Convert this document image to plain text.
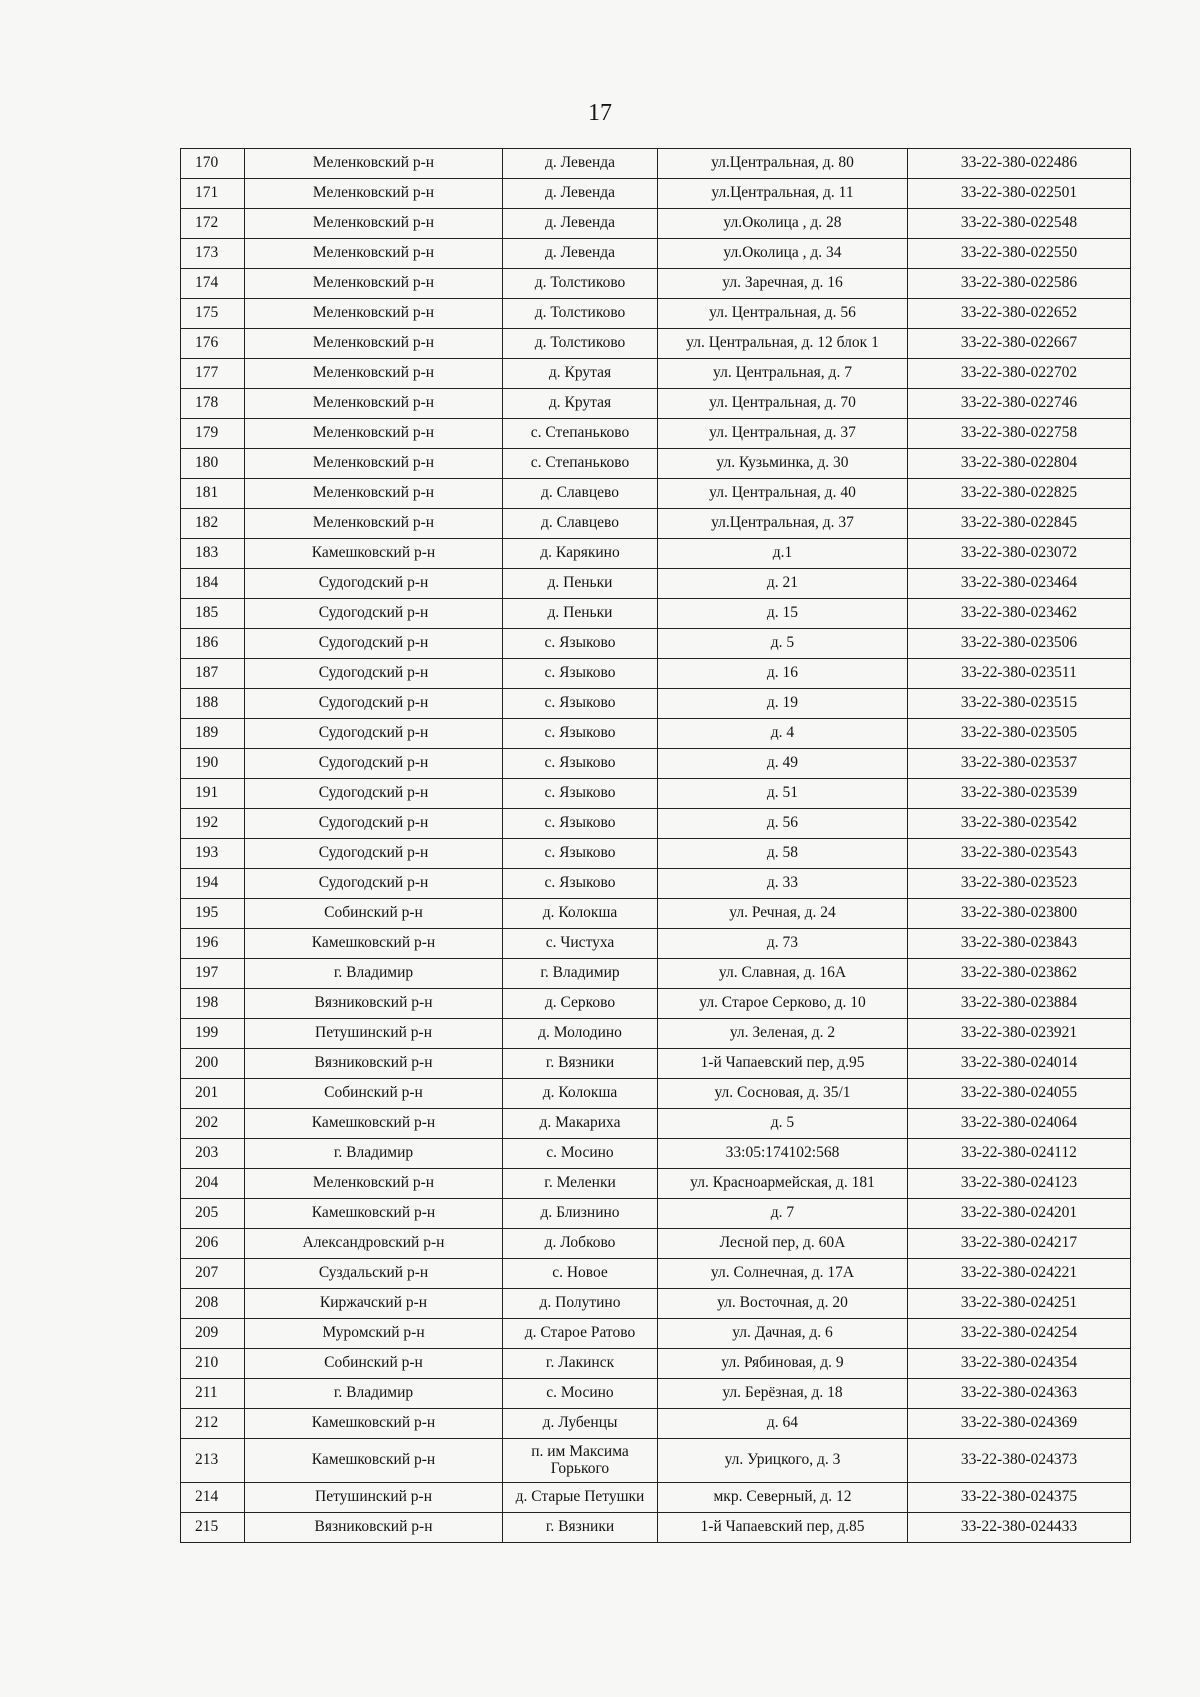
17
170	Меленковский р-н	д. Левенда	ул.Центральная, д. 80	33-22-380-022486
171	Меленковский р-н	д. Левенда	ул.Центральная, д. 11	33-22-380-022501
172	Меленковский р-н	д. Левенда	ул.Околица , д. 28	33-22-380-022548
173	Меленковский р-н	д. Левенда	ул.Околица , д. 34	33-22-380-022550
174	Меленковский р-н	д. Толстиково	ул. Заречная, д. 16	33-22-380-022586
175	Меленковский р-н	д. Толстиково	ул. Центральная, д. 56	33-22-380-022652
176	Меленковский р-н	д. Толстиково	ул. Центральная, д. 12 блок 1	33-22-380-022667
177	Меленковский р-н	д. Крутая	ул. Центральная, д. 7	33-22-380-022702
178	Меленковский р-н	д. Крутая	ул. Центральная, д. 70	33-22-380-022746
179	Меленковский р-н	с. Степаньково	ул. Центральная, д. 37	33-22-380-022758
180	Меленковский р-н	с. Степаньково	ул. Кузьминка, д. 30	33-22-380-022804
181	Меленковский р-н	д. Славцево	ул. Центральная, д. 40	33-22-380-022825
182	Меленковский р-н	д. Славцево	ул.Центральная, д. 37	33-22-380-022845
183	Камешковский р-н	д. Карякино	д.1	33-22-380-023072
184	Судогодский р-н	д. Пеньки	д. 21	33-22-380-023464
185	Судогодский р-н	д. Пеньки	д. 15	33-22-380-023462
186	Судогодский р-н	с. Языково	д. 5	33-22-380-023506
187	Судогодский р-н	с. Языково	д. 16	33-22-380-023511
188	Судогодский р-н	с. Языково	д. 19	33-22-380-023515
189	Судогодский р-н	с. Языково	д. 4	33-22-380-023505
190	Судогодский р-н	с. Языково	д. 49	33-22-380-023537
191	Судогодский р-н	с. Языково	д. 51	33-22-380-023539
192	Судогодский р-н	с. Языково	д. 56	33-22-380-023542
193	Судогодский р-н	с. Языково	д. 58	33-22-380-023543
194	Судогодский р-н	с. Языково	д. 33	33-22-380-023523
195	Собинский р-н	д. Колокша	ул. Речная, д. 24	33-22-380-023800
196	Камешковский р-н	с. Чистуха	д. 73	33-22-380-023843
197	г. Владимир	г. Владимир	ул. Славная, д. 16А	33-22-380-023862
198	Вязниковский р-н	д. Серково	ул. Старое Серково, д. 10	33-22-380-023884
199	Петушинский р-н	д. Молодино	ул. Зеленая, д. 2	33-22-380-023921
200	Вязниковский р-н	г. Вязники	1-й Чапаевский пер, д.95	33-22-380-024014
201	Собинский р-н	д. Колокша	ул. Сосновая, д. 35/1	33-22-380-024055
202	Камешковский р-н	д. Макариха	д. 5	33-22-380-024064
203	г. Владимир	с. Мосино	33:05:174102:568	33-22-380-024112
204	Меленковский р-н	г. Меленки	ул. Красноармейская, д. 181	33-22-380-024123
205	Камешковский р-н	д. Близнино	д. 7	33-22-380-024201
206	Александровский р-н	д. Лобково	Лесной пер, д. 60А	33-22-380-024217
207	Суздальский р-н	с. Новое	ул. Солнечная, д. 17А	33-22-380-024221
208	Киржачский р-н	д. Полутино	ул. Восточная, д. 20	33-22-380-024251
209	Муромский р-н	д. Старое Ратово	ул. Дачная, д. 6	33-22-380-024254
210	Собинский р-н	г. Лакинск	ул. Рябиновая, д. 9	33-22-380-024354
211	г. Владимир	с. Мосино	ул. Берёзная, д. 18	33-22-380-024363
212	Камешковский р-н	д. Лубенцы	д. 64	33-22-380-024369
213	Камешковский р-н	п. им Максима Горького	ул. Урицкого, д. 3	33-22-380-024373
214	Петушинский р-н	д. Старые Петушки	мкр. Северный, д. 12	33-22-380-024375
215	Вязниковский р-н	г. Вязники	1-й Чапаевский пер, д.85	33-22-380-024433
